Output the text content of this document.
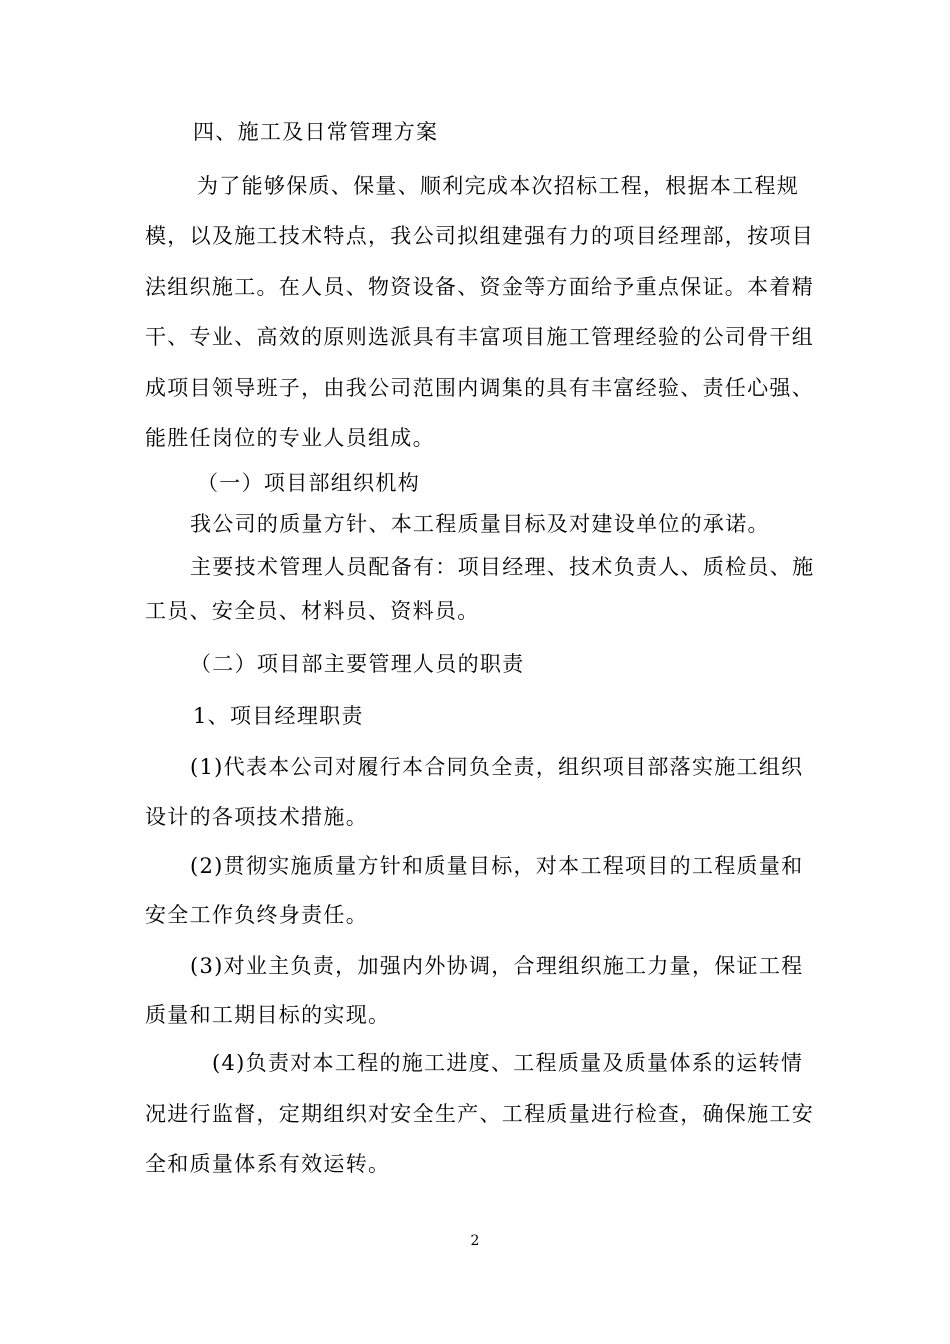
四、施工及日常管理方案
为了能够保质、保量、顺利完成本次招标工程，根据本工程规
模，以及施工技术特点，我公司拟组建强有力的项目经理部，按项目
法组织施工。在人员、物资设备、资金等方面给予重点保证。本着精
干、专业、高效的原则选派具有丰富项目施工管理经验的公司骨干组
成项目领导班子，由我公司范围内调集的具有丰富经验、责任心强、
能胜任岗位的专业人员组成。
（一）项目部组织机构
我公司的质量方针、本工程质量目标及对建设单位的承诺。
主要技术管理人员配备有：项目经理、技术负责人、质检员、施
工员、安全员、材料员、资料员。
（二）项目部主要管理人员的职责
1、项目经理职责
(1)代表本公司对履行本合同负全责，组织项目部落实施工组织
设计的各项技术措施。
(2)贯彻实施质量方针和质量目标，对本工程项目的工程质量和
安全工作负终身责任。
(3)对业主负责，加强内外协调，合理组织施工力量，保证工程
质量和工期目标的实现。
(4)负责对本工程的施工进度、工程质量及质量体系的运转情
况进行监督，定期组织对安全生产、工程质量进行检查，确保施工安
全和质量体系有效运转。
2
